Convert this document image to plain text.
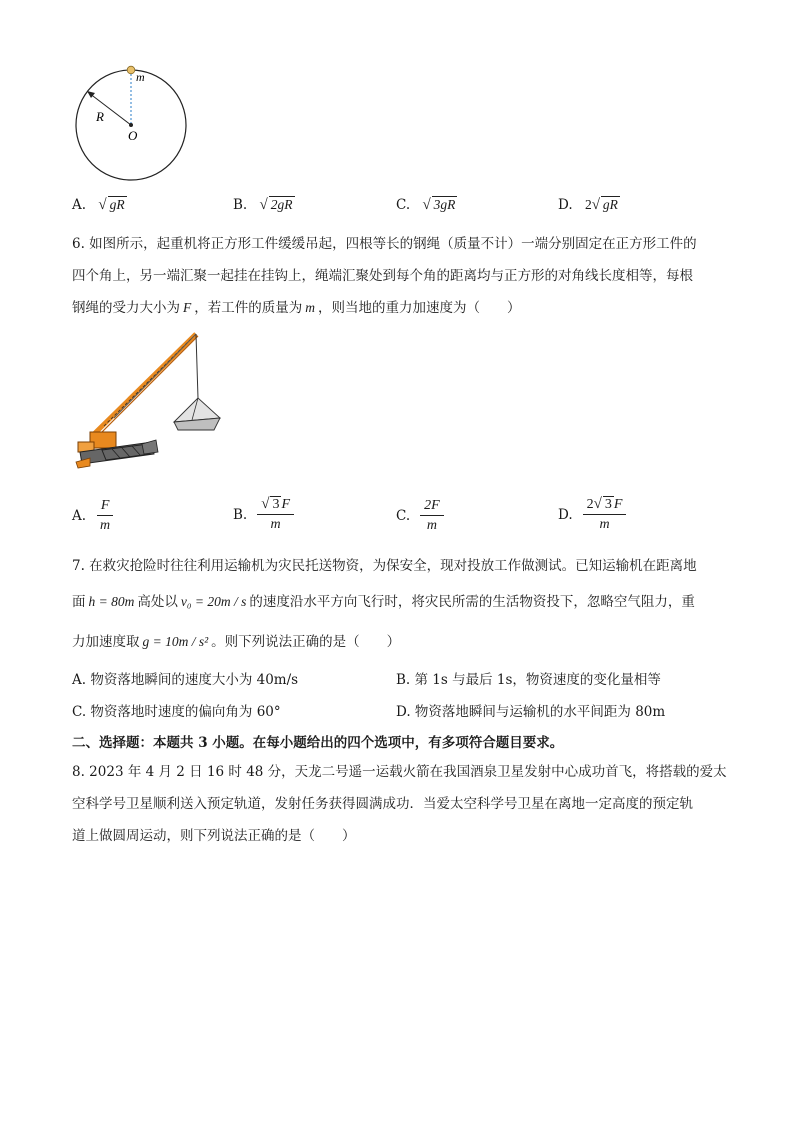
m
R
O
A. √ gR	B. √ 2gR	C. √ 3gR	D. 2√ gR
6. 如图所示，起重机将正方形工件缓缓吊起，四根等长的钢绳（质量不计）一端分别固定在正方形工件的
四个角上，另一端汇聚一起挂在挂钩上，绳端汇聚处到每个角的距离均与正方形的对角线长度相等，每根
钢绳的受力大小为 F ，若工件的质量为 m ，则当地的重力加速度为（　　）
A. $\frac{F}{m}$	B. $\frac{√ 3 F}{m}$	C. $\frac{2F}{m}$	D. $\frac{2√ 3 F}{m}$
7. 在救灾抢险时往往利用运输机为灾民托送物资，为保安全，现对投放工作做测试。已知运输机在距离地
面 h = 80m 高处以 v₀ = 20m / s 的速度沿水平方向飞行时，将灾民所需的生活物资投下，忽略空气阻力，重
力加速度取 g = 10m / s² 。则下列说法正确的是（　　）
A. 物资落地瞬间的速度大小为 40m/s	B. 第 1s 与最后 1s，物资速度的变化量相等
C. 物资落地时速度的偏向角为 60°	D. 物资落地瞬间与运输机的水平间距为 80m
二、选择题：本题共 3 小题。在每小题给出的四个选项中，有多项符合题目要求。
8. 2023 年 4 月 2 日 16 时 48 分，天龙二号遥一运载火箭在我国酒泉卫星发射中心成功首飞，将搭载的爱太
空科学号卫星顺利送入预定轨道，发射任务获得圆满成功．当爱太空科学号卫星在离地一定高度的预定轨
道上做圆周运动，则下列说法正确的是（　　）
